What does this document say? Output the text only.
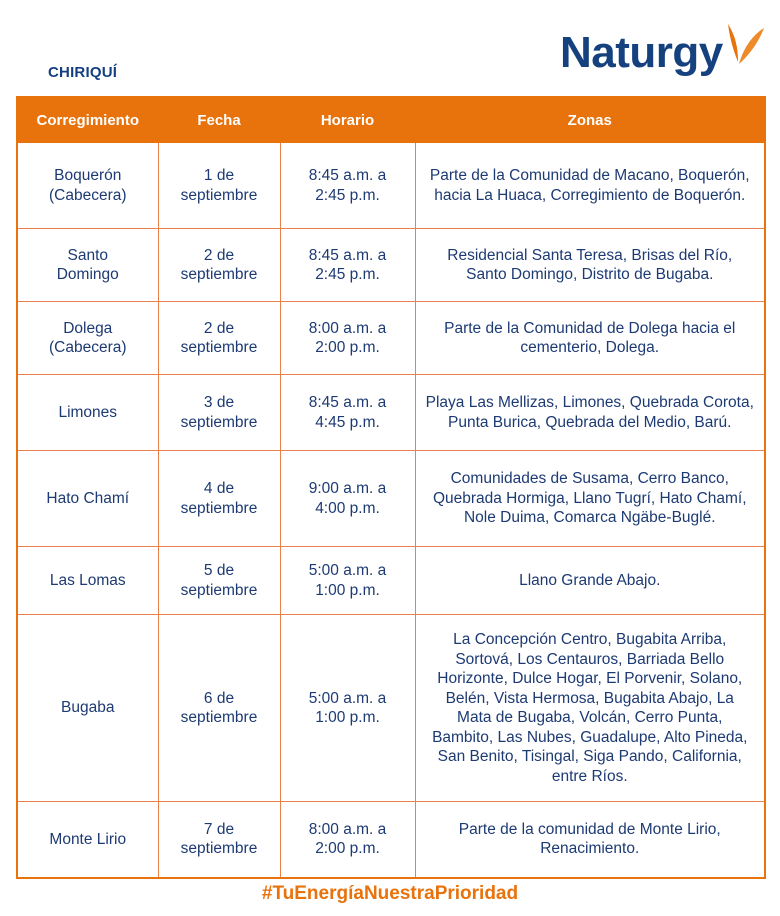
CHIRIQUÍ	Naturgy
Corregimiento	Fecha	Horario	Zonas
Boquerón (Cabecera)	1 de septiembre	8:45 a.m. a 2:45 p.m.	Parte de la Comunidad de Macano, Boquerón, hacia La Huaca, Corregimiento de Boquerón.
Santo Domingo	2 de septiembre	8:45 a.m. a 2:45 p.m.	Residencial Santa Teresa, Brisas del Río, Santo Domingo, Distrito de Bugaba.
Dolega (Cabecera)	2 de septiembre	8:00 a.m. a 2:00 p.m.	Parte de la Comunidad de Dolega hacia el cementerio, Dolega.
Limones	3 de septiembre	8:45 a.m. a 4:45 p.m.	Playa Las Mellizas, Limones, Quebrada Corota, Punta Burica, Quebrada del Medio, Barú.
Hato Chamí	4 de septiembre	9:00 a.m. a 4:00 p.m.	Comunidades de Susama, Cerro Banco, Quebrada Hormiga, Llano Tugrí, Hato Chamí, Nole Duima, Comarca Ngäbe-Buglé.
Las Lomas	5 de septiembre	5:00 a.m. a 1:00 p.m.	Llano Grande Abajo.
Bugaba	6 de septiembre	5:00 a.m. a 1:00 p.m.	La Concepción Centro, Bugabita Arriba, Sortová, Los Centauros, Barriada Bello Horizonte, Dulce Hogar, El Porvenir, Solano, Belén, Vista Hermosa, Bugabita Abajo, La Mata de Bugaba, Volcán, Cerro Punta, Bambito, Las Nubes, Guadalupe, Alto Pineda, San Benito, Tisingal, Siga Pando, California, entre Ríos.
Monte Lirio	7 de septiembre	8:00 a.m. a 2:00 p.m.	Parte de la comunidad de Monte Lirio, Renacimiento.
#TuEnergíaNuestraPrioridad
